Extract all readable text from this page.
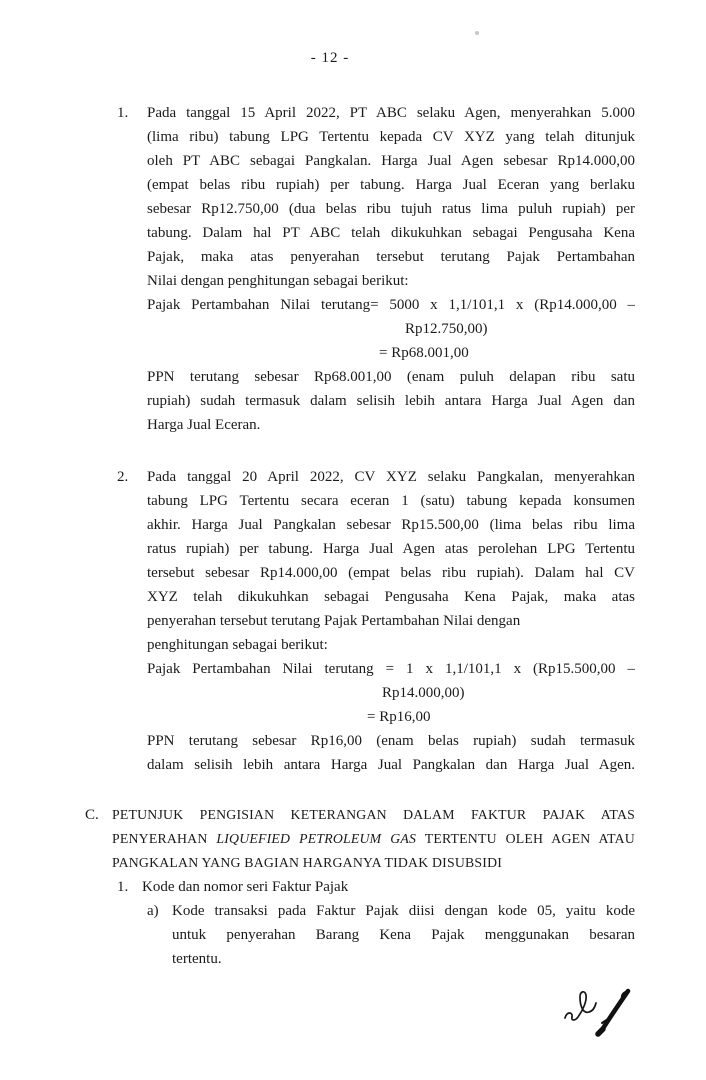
- 12 -
1. Pada tanggal 15 April 2022, PT ABC selaku Agen, menyerahkan 5.000
(lima ribu) tabung LPG Tertentu kepada CV XYZ yang telah ditunjuk
oleh PT ABC sebagai Pangkalan. Harga Jual Agen sebesar Rp14.000,00
(empat belas ribu rupiah) per tabung. Harga Jual Eceran yang berlaku
sebesar Rp12.750,00 (dua belas ribu tujuh ratus lima puluh rupiah) per
tabung. Dalam hal PT ABC telah dikukuhkan sebagai Pengusaha Kena
Pajak, maka atas penyerahan tersebut terutang Pajak Pertambahan
Nilai dengan penghitungan sebagai berikut:
Pajak Pertambahan Nilai terutang= 5000 x 1,1/101,1 x (Rp14.000,00 –
Rp12.750,00)
= Rp68.001,00
PPN terutang sebesar Rp68.001,00 (enam puluh delapan ribu satu
rupiah) sudah termasuk dalam selisih lebih antara Harga Jual Agen dan
Harga Jual Eceran.
2. Pada tanggal 20 April 2022, CV XYZ selaku Pangkalan, menyerahkan
tabung LPG Tertentu secara eceran 1 (satu) tabung kepada konsumen
akhir. Harga Jual Pangkalan sebesar Rp15.500,00 (lima belas ribu lima
ratus rupiah) per tabung. Harga Jual Agen atas perolehan LPG Tertentu
tersebut sebesar Rp14.000,00 (empat belas ribu rupiah). Dalam hal CV
XYZ telah dikukuhkan sebagai Pengusaha Kena Pajak, maka atas
penyerahan tersebut terutang Pajak Pertambahan Nilai dengan
penghitungan sebagai berikut:
Pajak Pertambahan Nilai terutang = 1 x 1,1/101,1 x (Rp15.500,00 –
Rp14.000,00)
= Rp16,00
PPN terutang sebesar Rp16,00 (enam belas rupiah) sudah termasuk
dalam selisih lebih antara Harga Jual Pangkalan dan Harga Jual Agen.
C. PETUNJUK PENGISIAN KETERANGAN DALAM FAKTUR PAJAK ATAS
PENYERAHAN LIQUEFIED PETROLEUM GAS TERTENTU OLEH AGEN ATAU
PANGKALAN YANG BAGIAN HARGANYA TIDAK DISUBSIDI
1. Kode dan nomor seri Faktur Pajak
a) Kode transaksi pada Faktur Pajak diisi dengan kode 05, yaitu kode
untuk penyerahan Barang Kena Pajak menggunakan besaran
tertentu.
